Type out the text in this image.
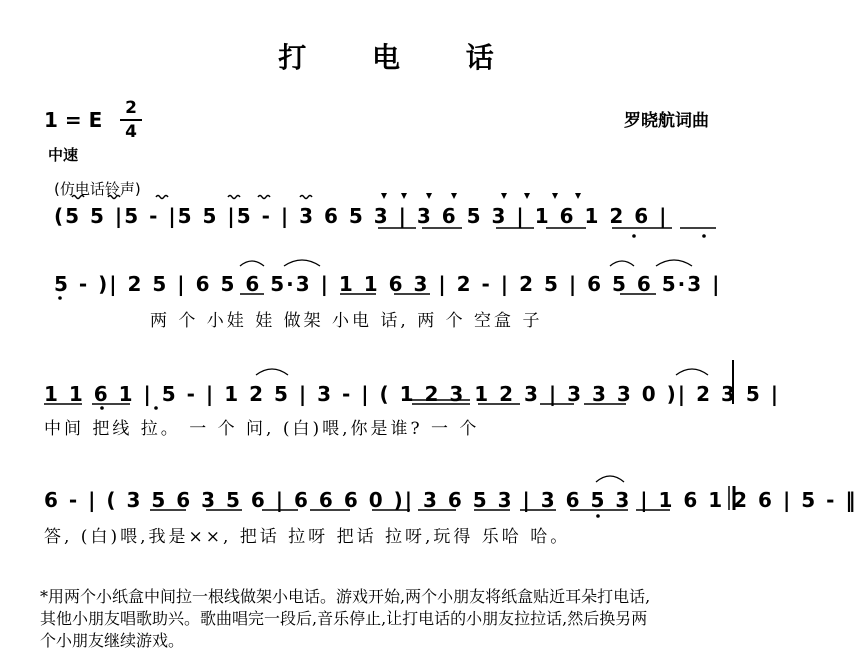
打 电 话
1 = E 2
4
罗晓航词曲
中速
(仿电话铃声)
(5 5 |5 - |5 5 |5 - | 3 6 5 3 | 3 6 5 3 | 1 6 1 2 6 |
5 - )| 2 5 | 6 5 6 5·3 | 1 1 6 3 | 2 - | 2 5 | 6 5 6 5·3 |
两 个 小娃 娃 做架 小电 话, 两 个 空盒 子
1 1 6 1 | 5 - | 1 2 5 | 3 - | ( 1 2 3 1 2 3 | 3 3 3 0 )| 2 3 5 |
中间 把线 拉。 一 个 问, (白)喂,你是谁? 一 个
6 - | ( 3 5 6 3 5 6 | 6 6 6 0 )| 3 6 5 3 | 3 6 5 3 | 1 6 1 2 6 | 5 - ‖
答, (白)喂,我是××, 把话 拉呀 把话 拉呀,玩得 乐哈 哈。
*用两个小纸盒中间拉一根线做架小电话。游戏开始,两个小朋友将纸盒贴近耳朵打电话,
其他小朋友唱歌助兴。歌曲唱完一段后,音乐停止,让打电话的小朋友拉拉话,然后换另两
个小朋友继续游戏。
